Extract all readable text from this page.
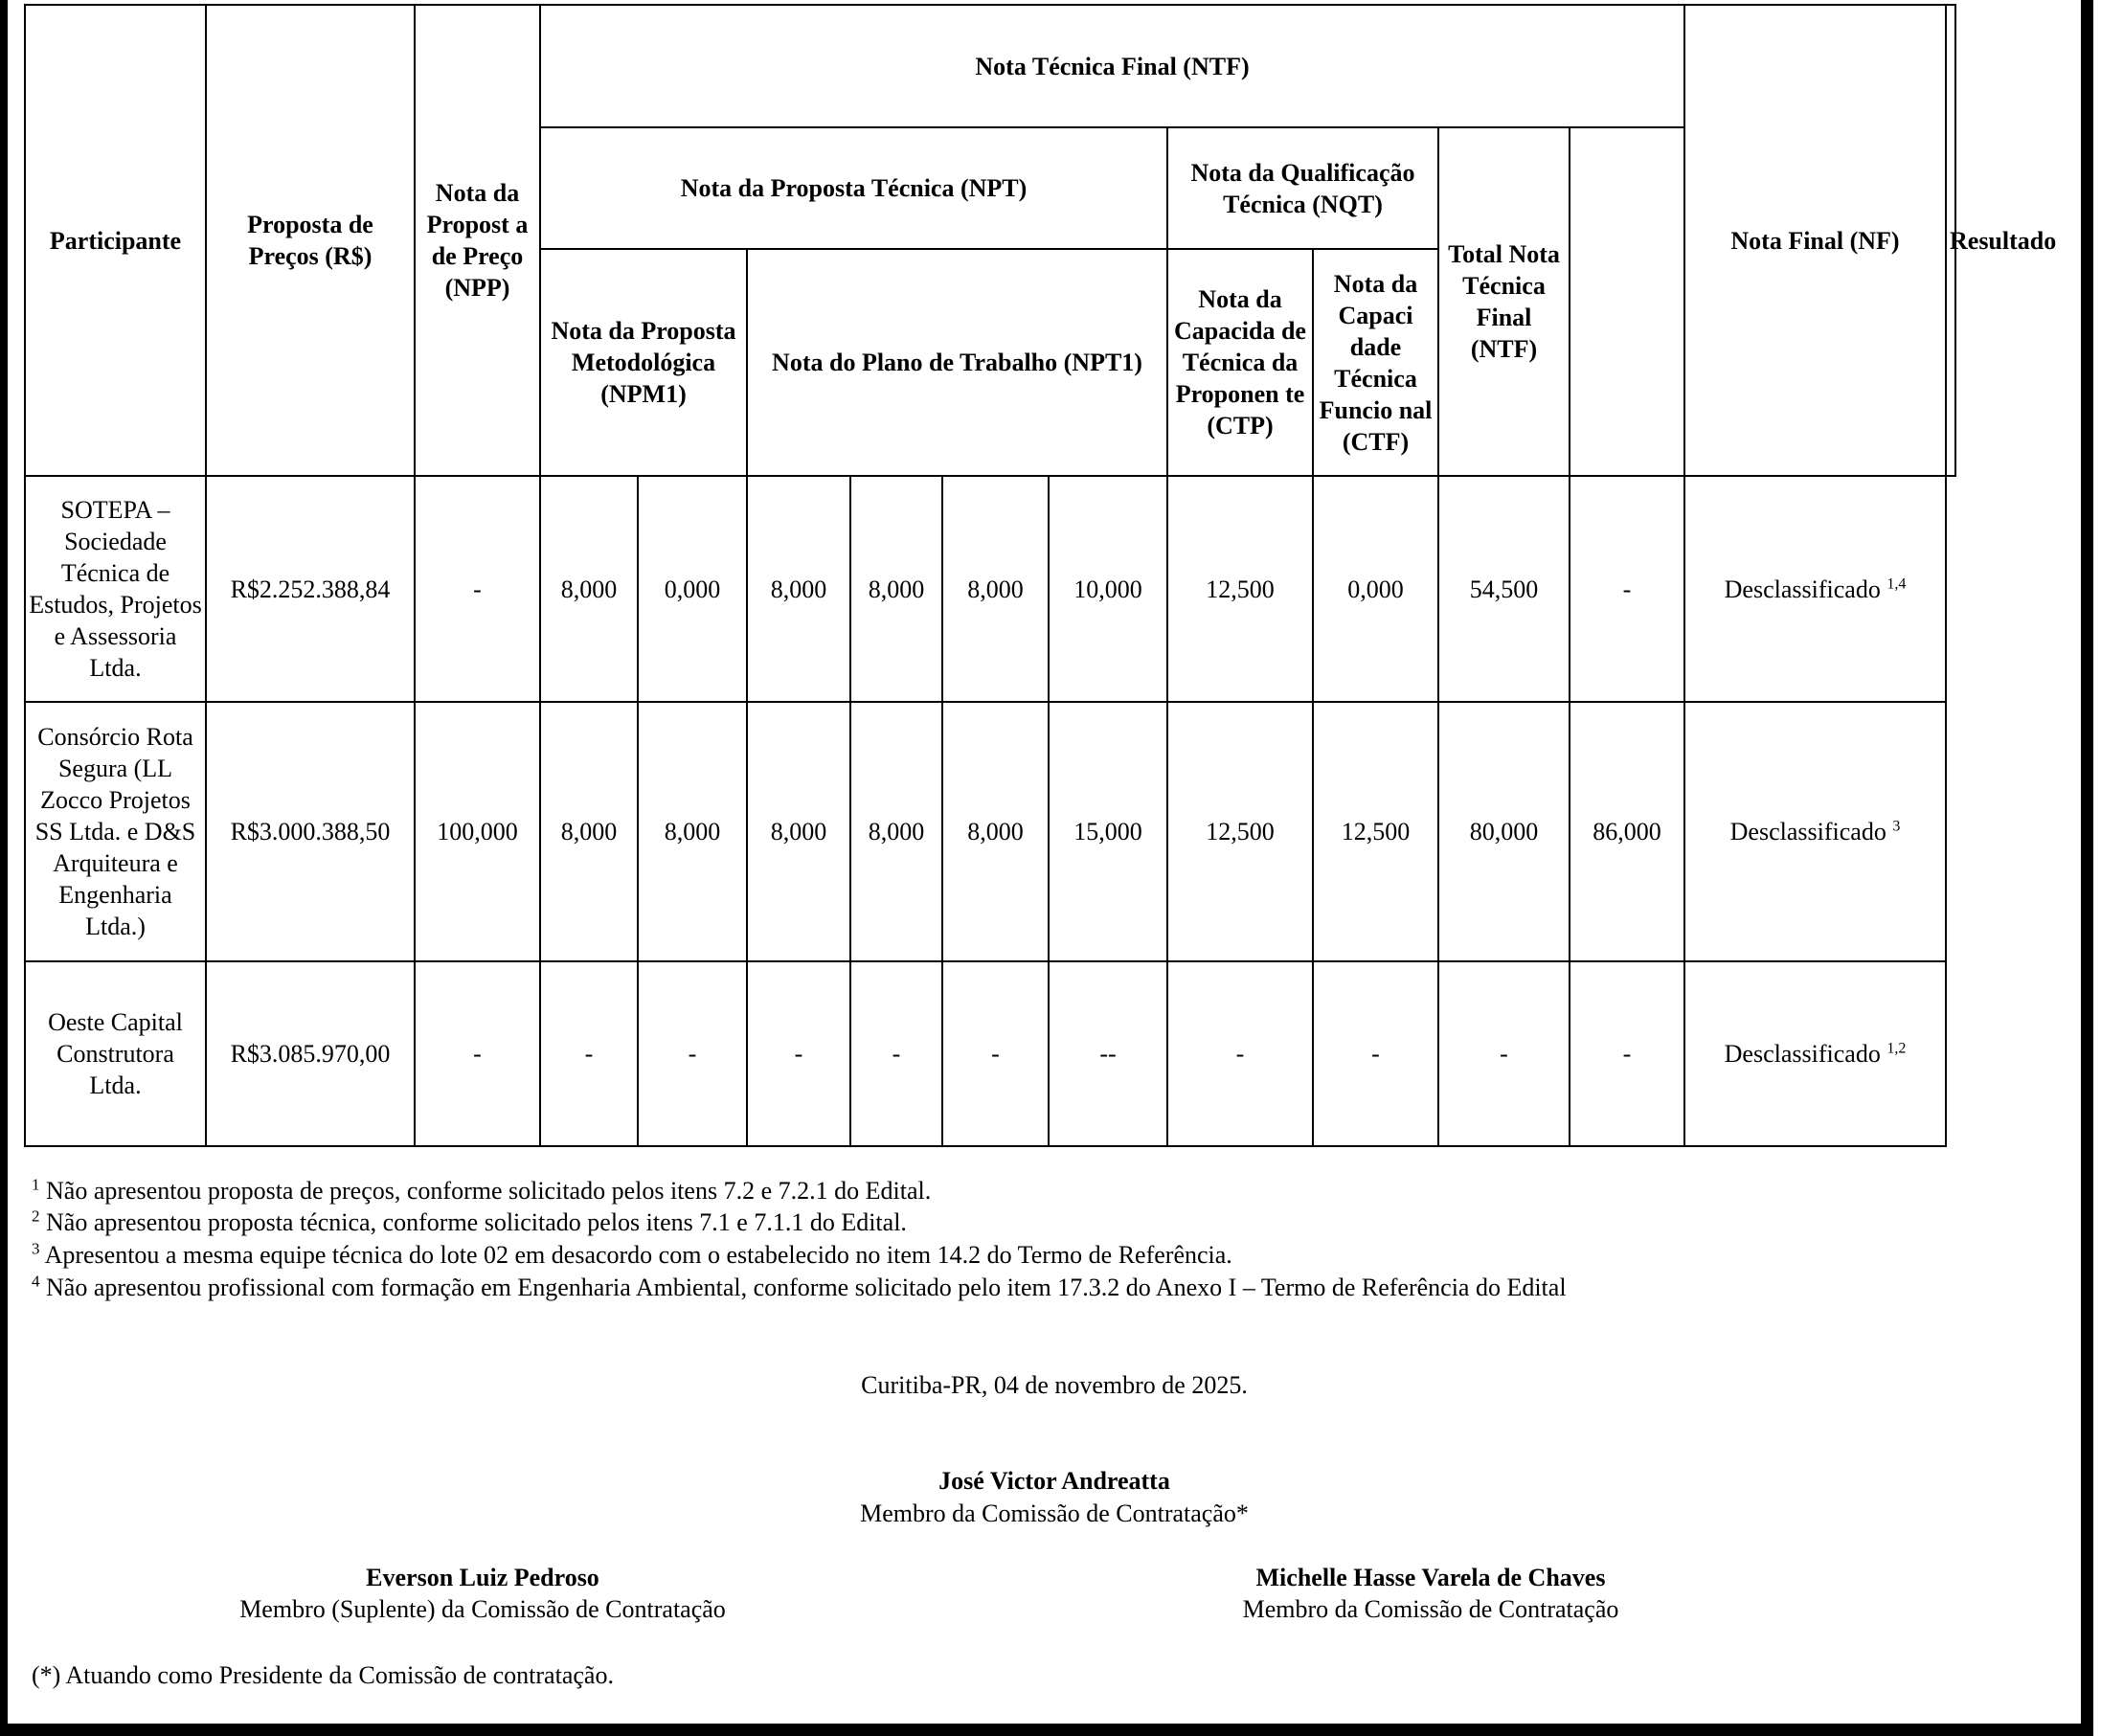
Participante	Proposta de Preços (R$)	Nota da Propost a de Preço (NPP)	Nota Técnica Final (NTF)										Nota Final (NF)	Resultado
			Nota da Proposta Técnica (NPT)						Nota da Qualificação Técnica (NQT)		Total Nota Técnica Final (NTF)			
			Nota da Proposta Metodológica (NPM1)		Nota do Plano de Trabalho (NPT1)				Nota da Capacida de Técnica da Proponen te (CTP)	Nota da Capaci dade Técnica Funcio nal (CTF)				
SOTEPA – Sociedade Técnica de Estudos, Projetos e Assessoria Ltda.	R$2.252.388,84	-	8,000	0,000	8,000	8,000	8,000	10,000	12,500	0,000	54,500	-	Desclassificado $^{1,4}$
Consórcio Rota Segura (LL Zocco Projetos SS Ltda. e D&S Arquiteura e Engenharia Ltda.)	R$3.000.388,50	100,000	8,000	8,000	8,000	8,000	8,000	15,000	12,500	12,500	80,000	86,000	Desclassificado $^3$
Oeste Capital Construtora Ltda.	R$3.085.970,00	-	-	-	-	-	-	--	-	-	-	-	Desclassificado $^{1,2}$
$^1$ Não apresentou proposta de preços, conforme solicitado pelos itens 7.2 e 7.2.1 do Edital.
$^2$ Não apresentou proposta técnica, conforme solicitado pelos itens 7.1 e 7.1.1 do Edital.
$^3$ Apresentou a mesma equipe técnica do lote 02 em desacordo com o estabelecido no item 14.2 do Termo de Referência.
$^4$ Não apresentou profissional com formação em Engenharia Ambiental, conforme solicitado pelo item 17.3.2 do Anexo I – Termo de Referência do Edital
Curitiba-PR, 04 de novembro de 2025.
José Victor Andreatta
Membro da Comissão de Contratação*
Everson Luiz Pedroso
Membro (Suplente) da Comissão de Contratação
Michelle Hasse Varela de Chaves
Membro da Comissão de Contratação
(*) Atuando como Presidente da Comissão de contratação.
